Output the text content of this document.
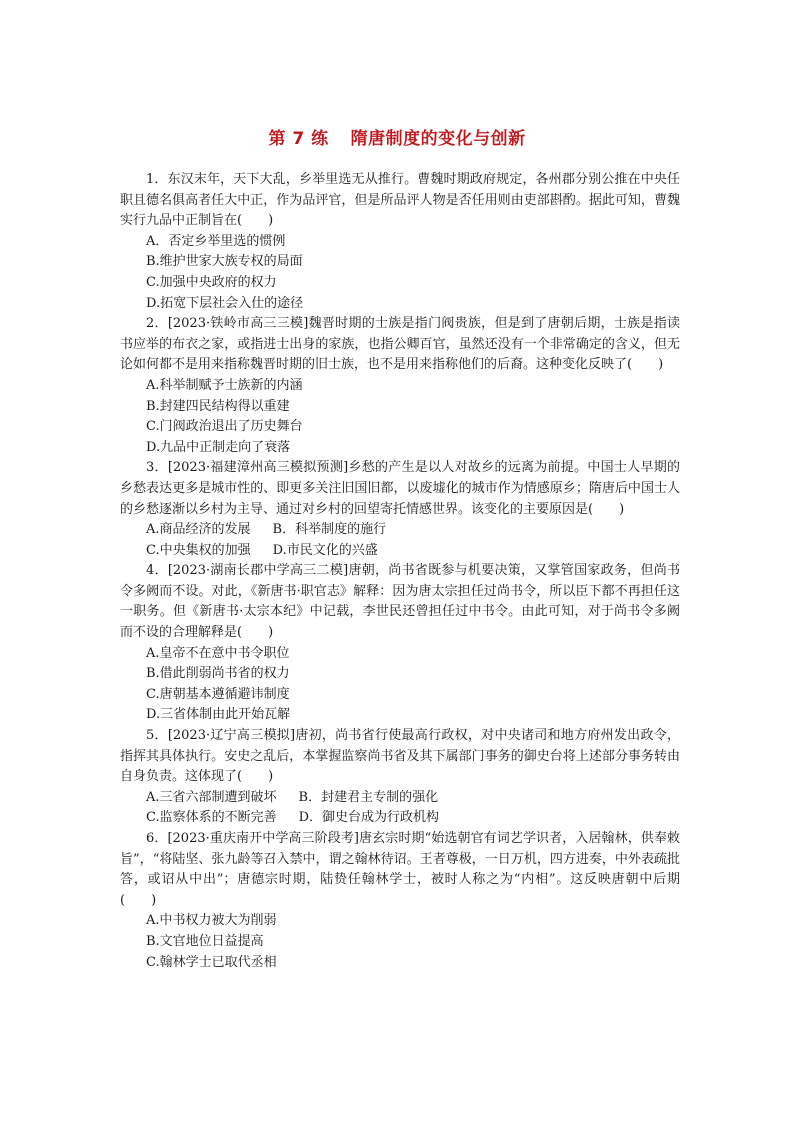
第 7 练 隋唐制度的变化与创新

1．东汉末年，天下大乱，乡举里选无从推行。曹魏时期政府规定，各州郡分别公推在中央任职且德名俱高者任大中正，作为品评官，但是所品评人物是否任用则由吏部斟酌。据此可知，曹魏实行九品中正制旨在(　　)

A．否定乡举里选的惯例

B.维护世家大族专权的局面

C.加强中央政府的权力

D.拓宽下层社会入仕的途径

2．[2023·铁岭市高三三模]魏晋时期的士族是指门阀贵族，但是到了唐朝后期，士族是指读书应举的布衣之家，或指进士出身的家族，也指公卿百官，虽然还没有一个非常确定的含义，但无论如何都不是用来指称魏晋时期的旧士族，也不是用来指称他们的后裔。这种变化反映了(　　)

A.科举制赋予士族新的内涵

B.封建四民结构得以重建

C.门阀政治退出了历史舞台

D.九品中正制走向了衰落

3．[2023·福建漳州高三模拟预测]乡愁的产生是以人对故乡的远离为前提。中国士人早期的乡愁表达更多是城市性的、即更多关注旧国旧都，以废墟化的城市作为情感原乡；隋唐后中国士人的乡愁逐渐以乡村为主导、通过对乡村的回望寄托情感世界。该变化的主要原因是(　　)

A.商品经济的发展 B．科举制度的施行

C.中央集权的加强 D.市民文化的兴盛

4．[2023·湖南长郡中学高三二模]唐朝，尚书省既参与机要决策，又掌管国家政务，但尚书令多阙而不设。对此，《新唐书·职官志》解释：因为唐太宗担任过尚书令，所以臣下都不再担任这一职务。但《新唐书·太宗本纪》中记载，李世民还曾担任过中书令。由此可知，对于尚书令多阙而不设的合理解释是(　　)

A.皇帝不在意中书令职位

B.借此削弱尚书省的权力

C.唐朝基本遵循避讳制度

D.三省体制由此开始瓦解

5．[2023·辽宁高三模拟]唐初，尚书省行使最高行政权，对中央诸司和地方府州发出政令，指挥其具体执行。安史之乱后，本掌握监察尚书省及其下属部门事务的御史台将上述部分事务转由自身负责。这体现了(　　)

A.三省六部制遭到破坏 B．封建君主专制的强化

C.监察体系的不断完善 D．御史台成为行政机构

6．[2023·重庆南开中学高三阶段考]唐玄宗时期“始选朝官有词艺学识者，入居翰林，供奉敕旨”，“将陆坚、张九龄等召入禁中，谓之翰林待诏。王者尊极，一日万机，四方进奏，中外表疏批答，或诏从中出”；唐德宗时期，陆贽任翰林学士，被时人称之为“内相”。这反映唐朝中后期(　　)

A.中书权力被大为削弱

B.文官地位日益提高

C.翰林学士已取代丞相
